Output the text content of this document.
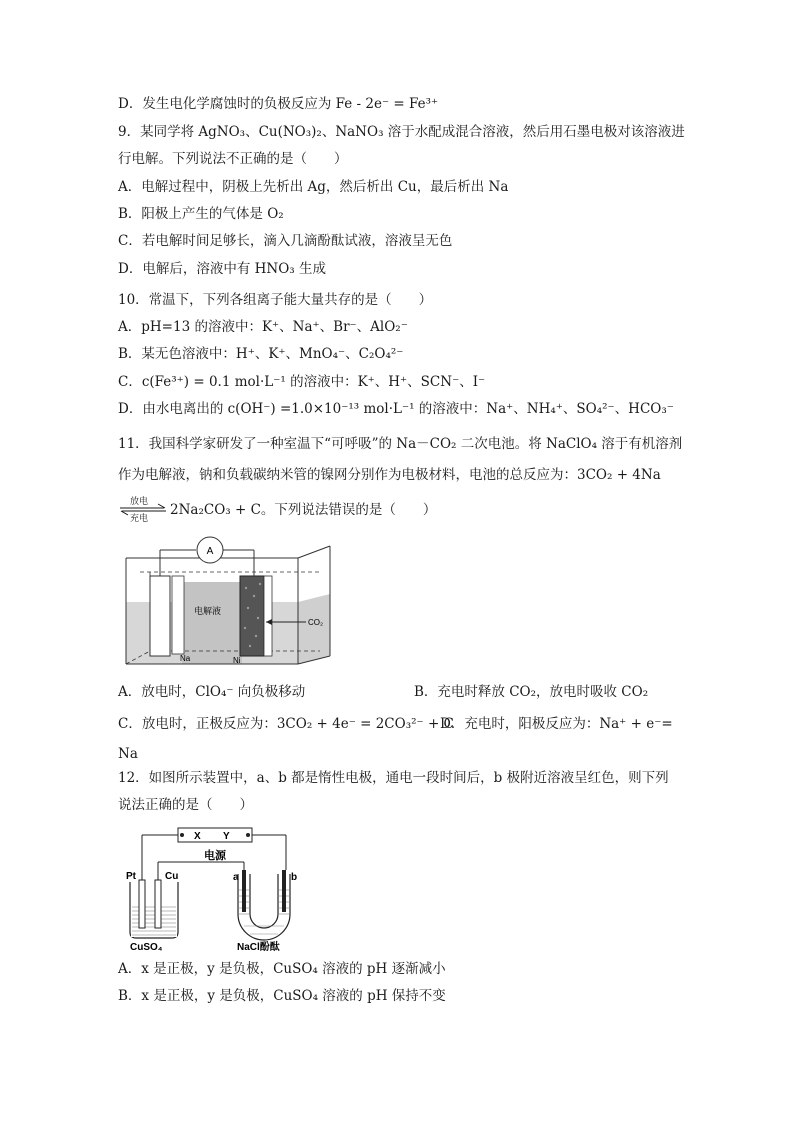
D．发生电化学腐蚀时的负极反应为 Fe - 2e⁻ = Fe³⁺
9．某同学将 AgNO₃、Cu(NO₃)₂、NaNO₃ 溶于水配成混合溶液，然后用石墨电极对该溶液进
行电解。下列说法不正确的是（　　）
A．电解过程中，阴极上先析出 Ag，然后析出 Cu，最后析出 Na
B．阳极上产生的气体是 O₂
C．若电解时间足够长，滴入几滴酚酞试液，溶液呈无色
D．电解后，溶液中有 HNO₃ 生成
10．常温下，下列各组离子能大量共存的是（　　）
A．pH=13 的溶液中：K⁺、Na⁺、Br⁻、AlO₂⁻
B．某无色溶液中：H⁺、K⁺、MnO₄⁻、C₂O₄²⁻
C．c(Fe³⁺) = 0.1 mol·L⁻¹ 的溶液中：K⁺、H⁺、SCN⁻、I⁻
D．由水电离出的 c(OH⁻) =1.0×10⁻¹³ mol·L⁻¹ 的溶液中：Na⁺、NH₄⁺、SO₄²⁻、HCO₃⁻
11．我国科学家研发了一种室温下“可呼吸”的 Na－CO₂ 二次电池。将 NaClO₄ 溶于有机溶剂
作为电解液，钠和负载碳纳米管的镍网分别作为电极材料，电池的总反应为：3CO₂ + 4Na
放电
充电 2Na₂CO₃ + C。下列说法错误的是（　　）
A
电解液
CO₂
Na	Ni
A．放电时，ClO₄⁻ 向负极移动	B．充电时释放 CO₂，放电时吸收 CO₂
C．放电时，正极反应为：3CO₂ + 4e⁻ = 2CO₃²⁻ + C
D．充电时，阳极反应为：Na⁺ + e⁻=
Na
12．如图所示装置中，a、b 都是惰性电极，通电一段时间后，b 极附近溶液呈红色，则下列
说法正确的是（　　）
X Y
电源
Pt	Cu
CuSO₄
a	b
NaCl酚酞
A．x 是正极，y 是负极，CuSO₄ 溶液的 pH 逐渐减小
B．x 是正极，y 是负极，CuSO₄ 溶液的 pH 保持不变
